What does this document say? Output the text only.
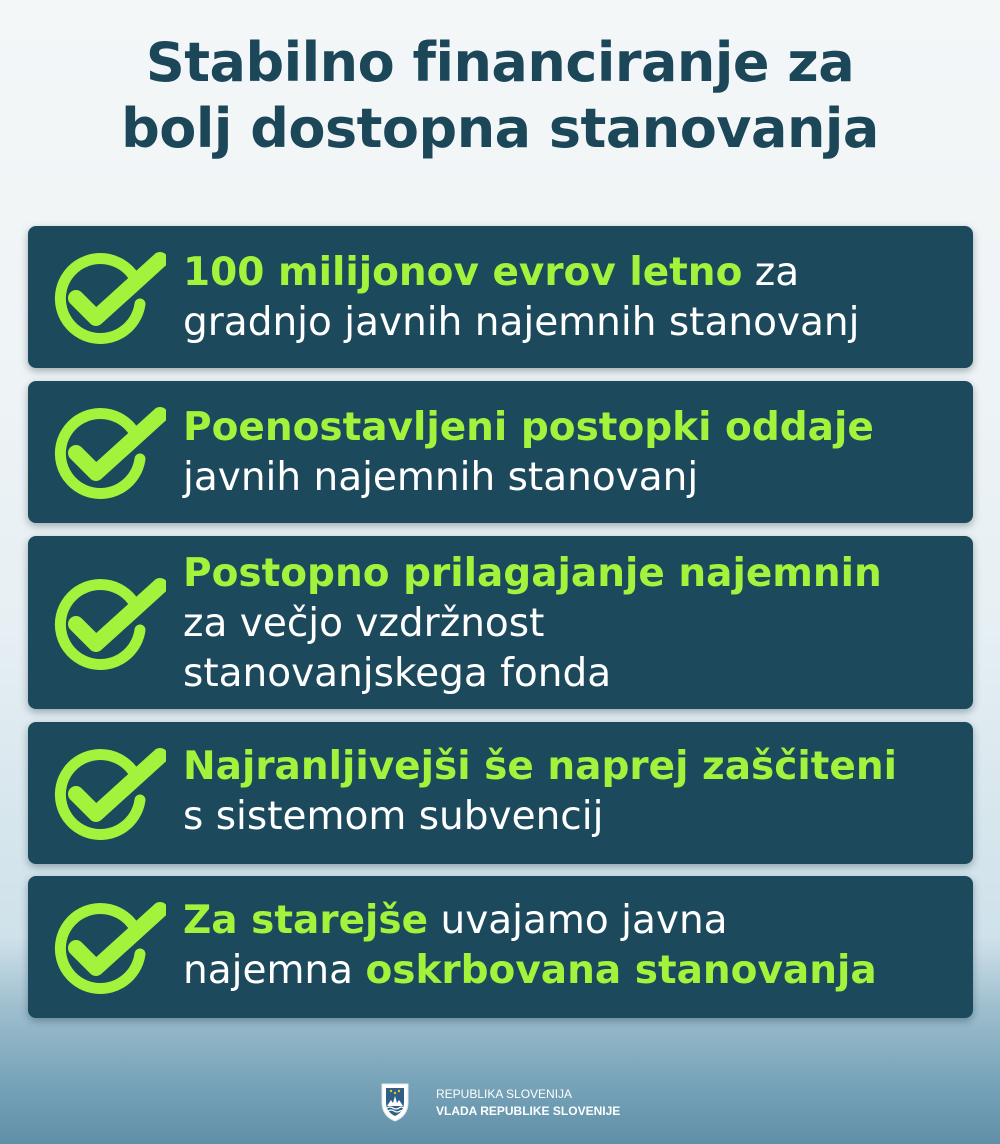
Stabilno financiranje za
bolj dostopna stanovanja
100 milijonov evrov letno za
gradnjo javnih najemnih stanovanj
Poenostavljeni postopki oddaje
javnih najemnih stanovanj
Postopno prilagajanje najemnin
za večjo vzdržnost
stanovanjskega fonda
Najranljivejši še naprej zaščiteni
s sistemom subvencij
Za starejše uvajamo javna
najemna oskrbovana stanovanja
REPUBLIKA SLOVENIJA
VLADA REPUBLIKE SLOVENIJE
